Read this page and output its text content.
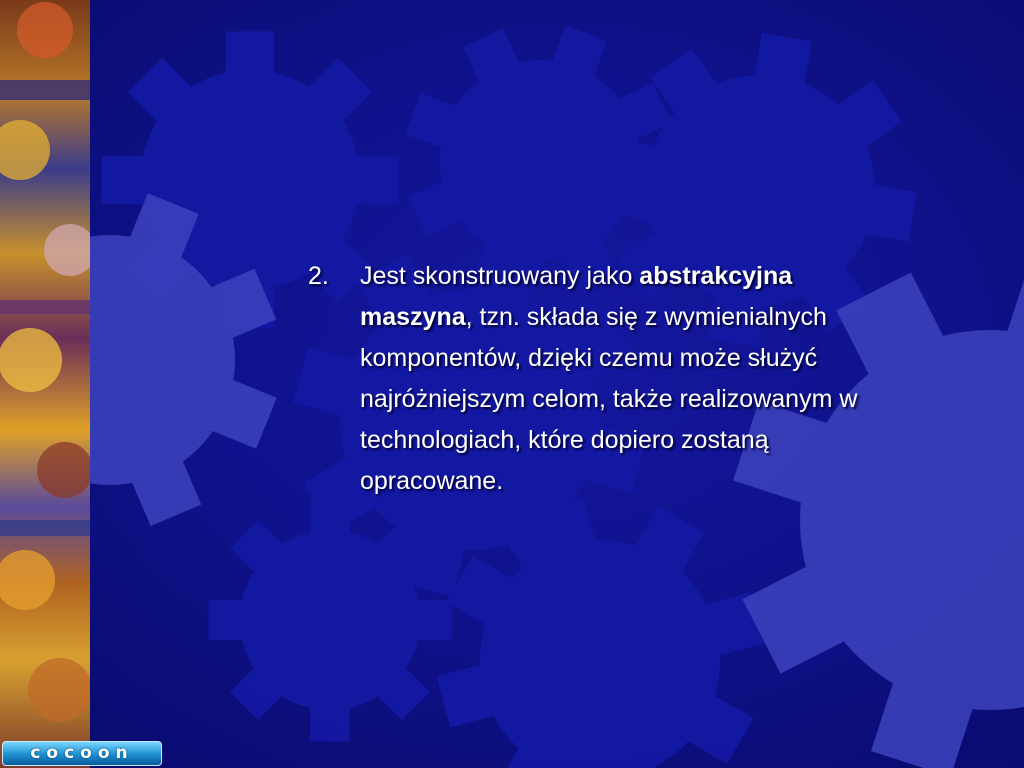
2. Jest skonstruowany jako abstrakcyjna maszyna, tzn. składa się z wymienialnych komponentów, dzięki czemu może służyć najróżniejszym celom, także realizowanym w technologiach, które dopiero zostaną opracowane.
cocoon
